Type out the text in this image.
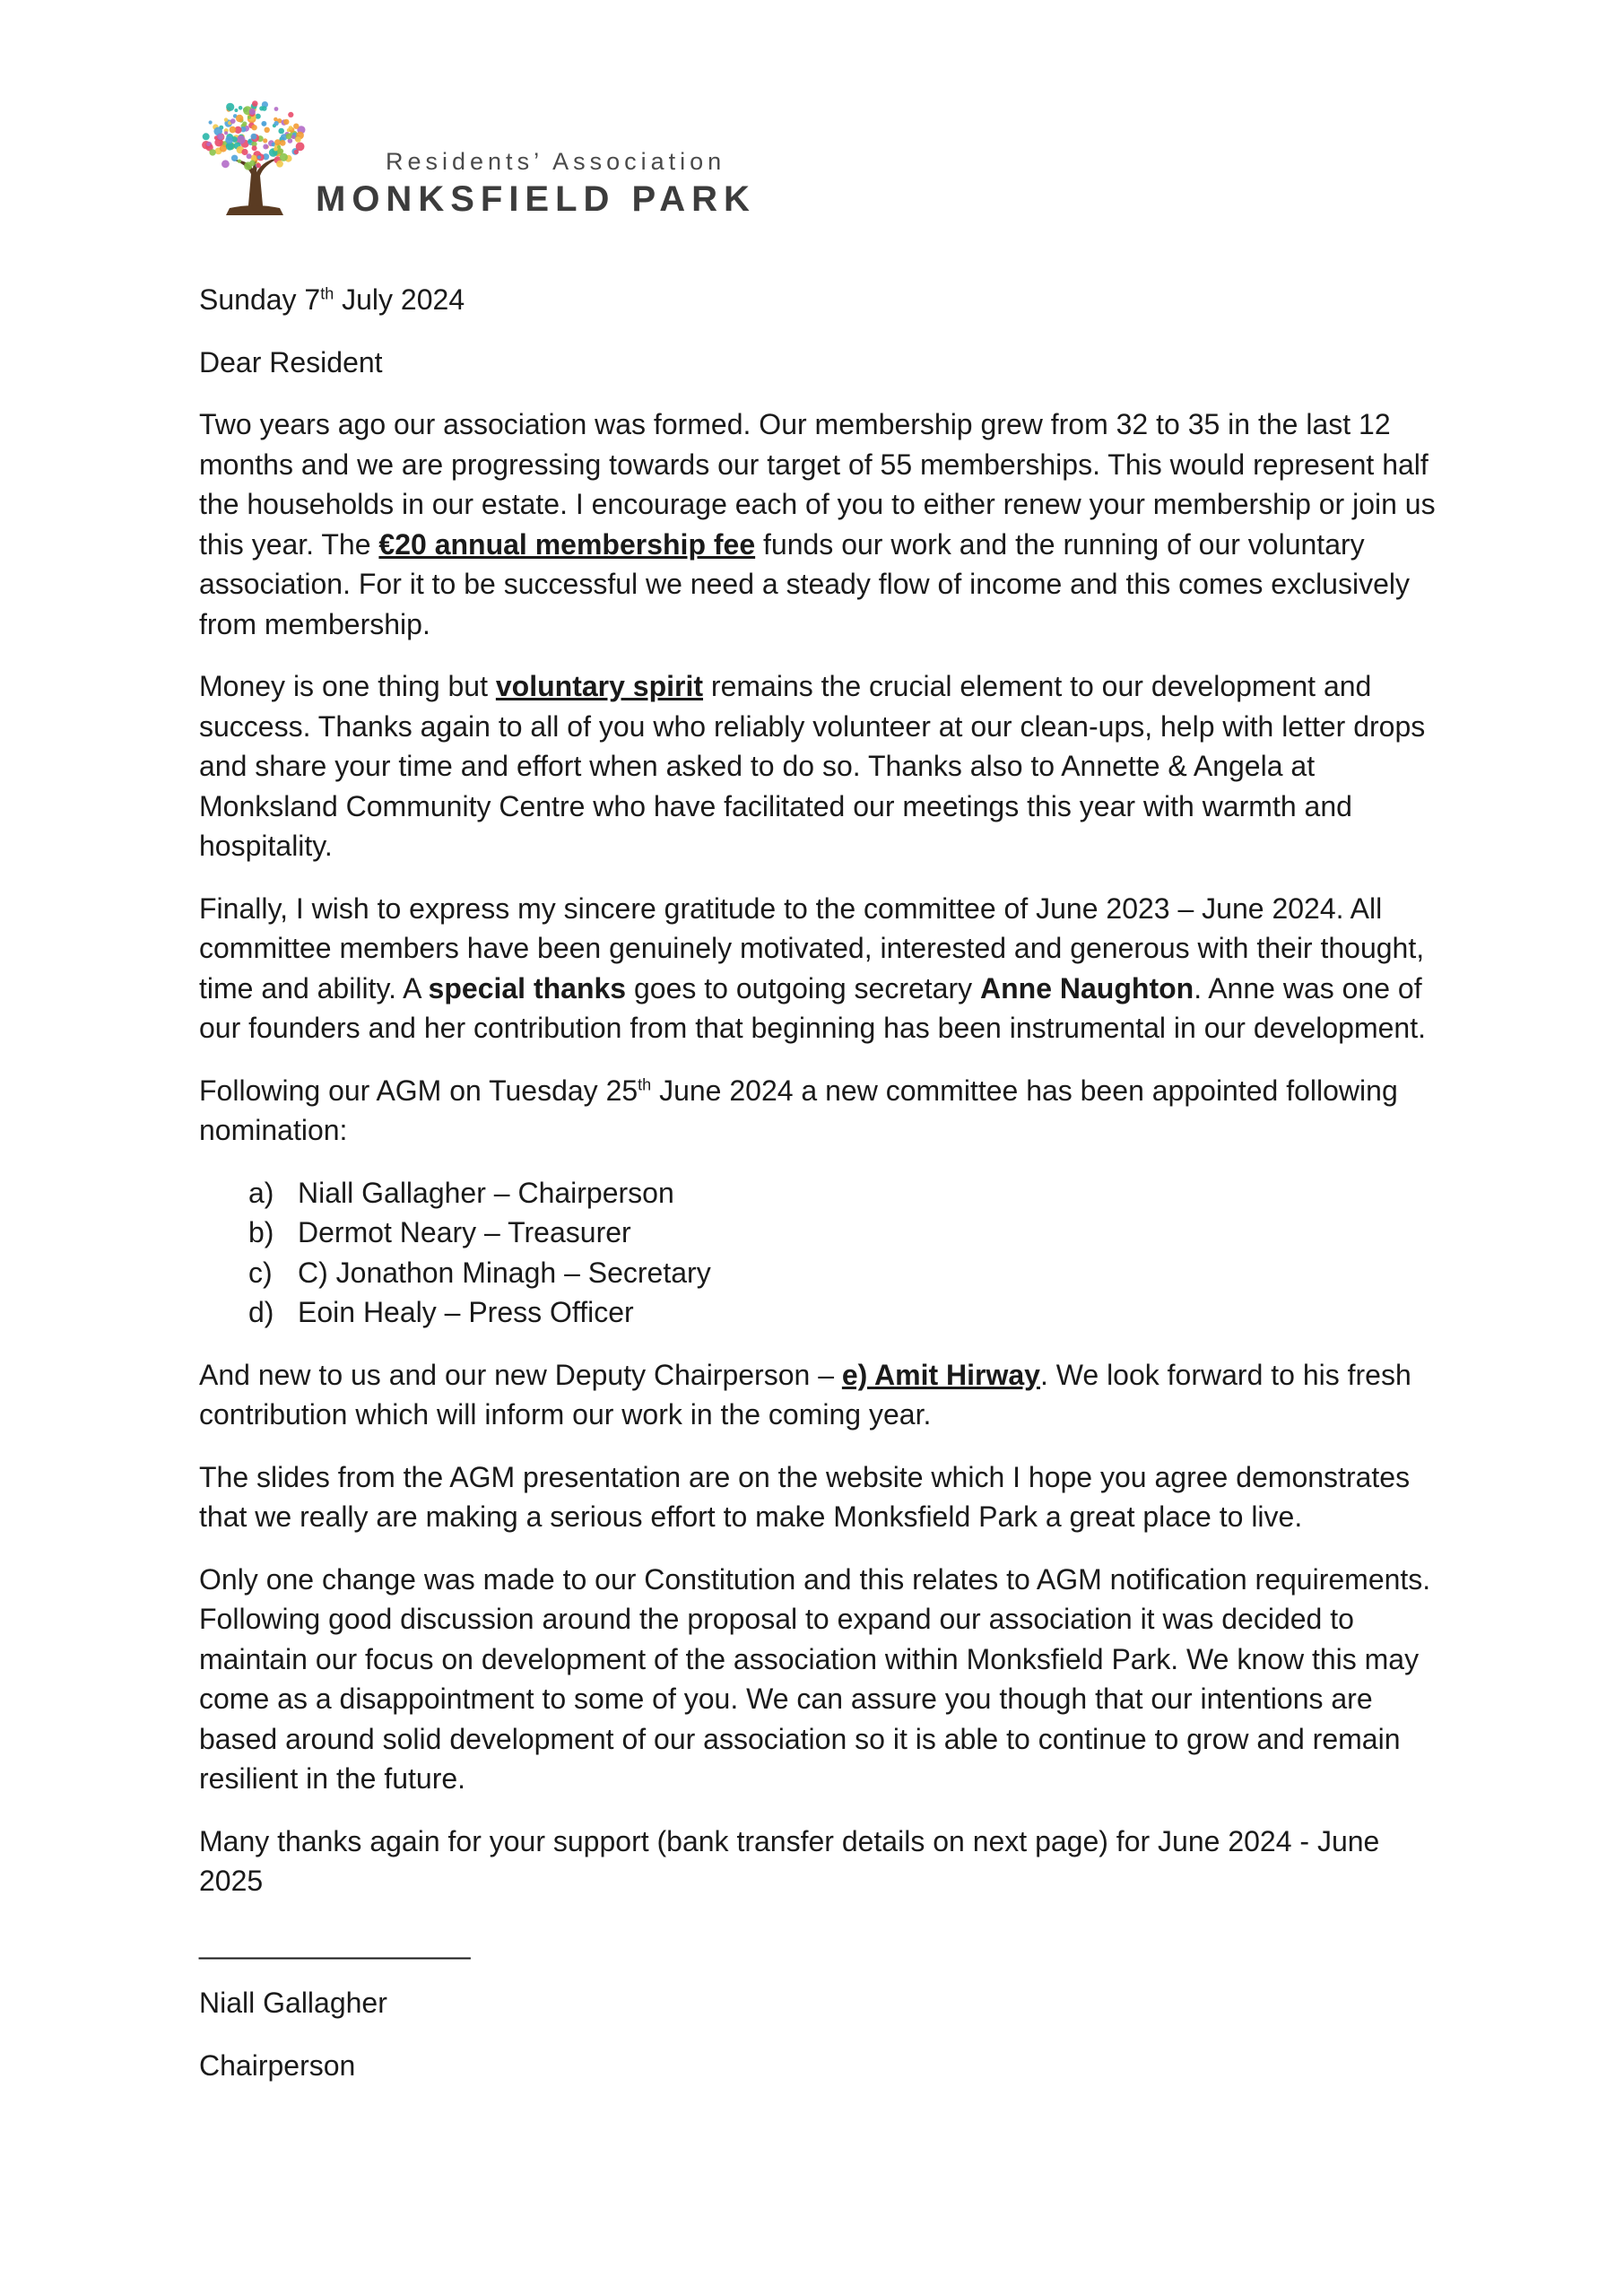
Residents’ Association
MONKSFIELD PARK

Sunday 7th July 2024

Dear Resident

Two years ago our association was formed. Our membership grew from 32 to 35 in the last 12 months and we are progressing towards our target of 55 memberships. This would represent half the households in our estate. I encourage each of you to either renew your membership or join us this year. The €20 annual membership fee funds our work and the running of our voluntary association. For it to be successful we need a steady flow of income and this comes exclusively from membership.

Money is one thing but voluntary spirit remains the crucial element to our development and success. Thanks again to all of you who reliably volunteer at our clean-ups, help with letter drops and share your time and effort when asked to do so. Thanks also to Annette & Angela at Monksland Community Centre who have facilitated our meetings this year with warmth and hospitality.

Finally, I wish to express my sincere gratitude to the committee of June 2023 – June 2024. All committee members have been genuinely motivated, interested and generous with their thought, time and ability. A special thanks goes to outgoing secretary Anne Naughton. Anne was one of our founders and her contribution from that beginning has been instrumental in our development.

Following our AGM on Tuesday 25th June 2024 a new committee has been appointed following nomination:

a) Niall Gallagher – Chairperson
b) Dermot Neary – Treasurer
c) C) Jonathon Minagh – Secretary
d) Eoin Healy – Press Officer

And new to us and our new Deputy Chairperson – e) Amit Hirway. We look forward to his fresh contribution which will inform our work in the coming year.

The slides from the AGM presentation are on the website which I hope you agree demonstrates that we really are making a serious effort to make Monksfield Park a great place to live.

Only one change was made to our Constitution and this relates to AGM notification requirements. Following good discussion around the proposal to expand our association it was decided to maintain our focus on development of the association within Monksfield Park. We know this may come as a disappointment to some of you. We can assure you though that our intentions are based around solid development of our association so it is able to continue to grow and remain resilient in the future.

Many thanks again for your support (bank transfer details on next page) for June 2024 - June 2025

_________________

Niall Gallagher

Chairperson
